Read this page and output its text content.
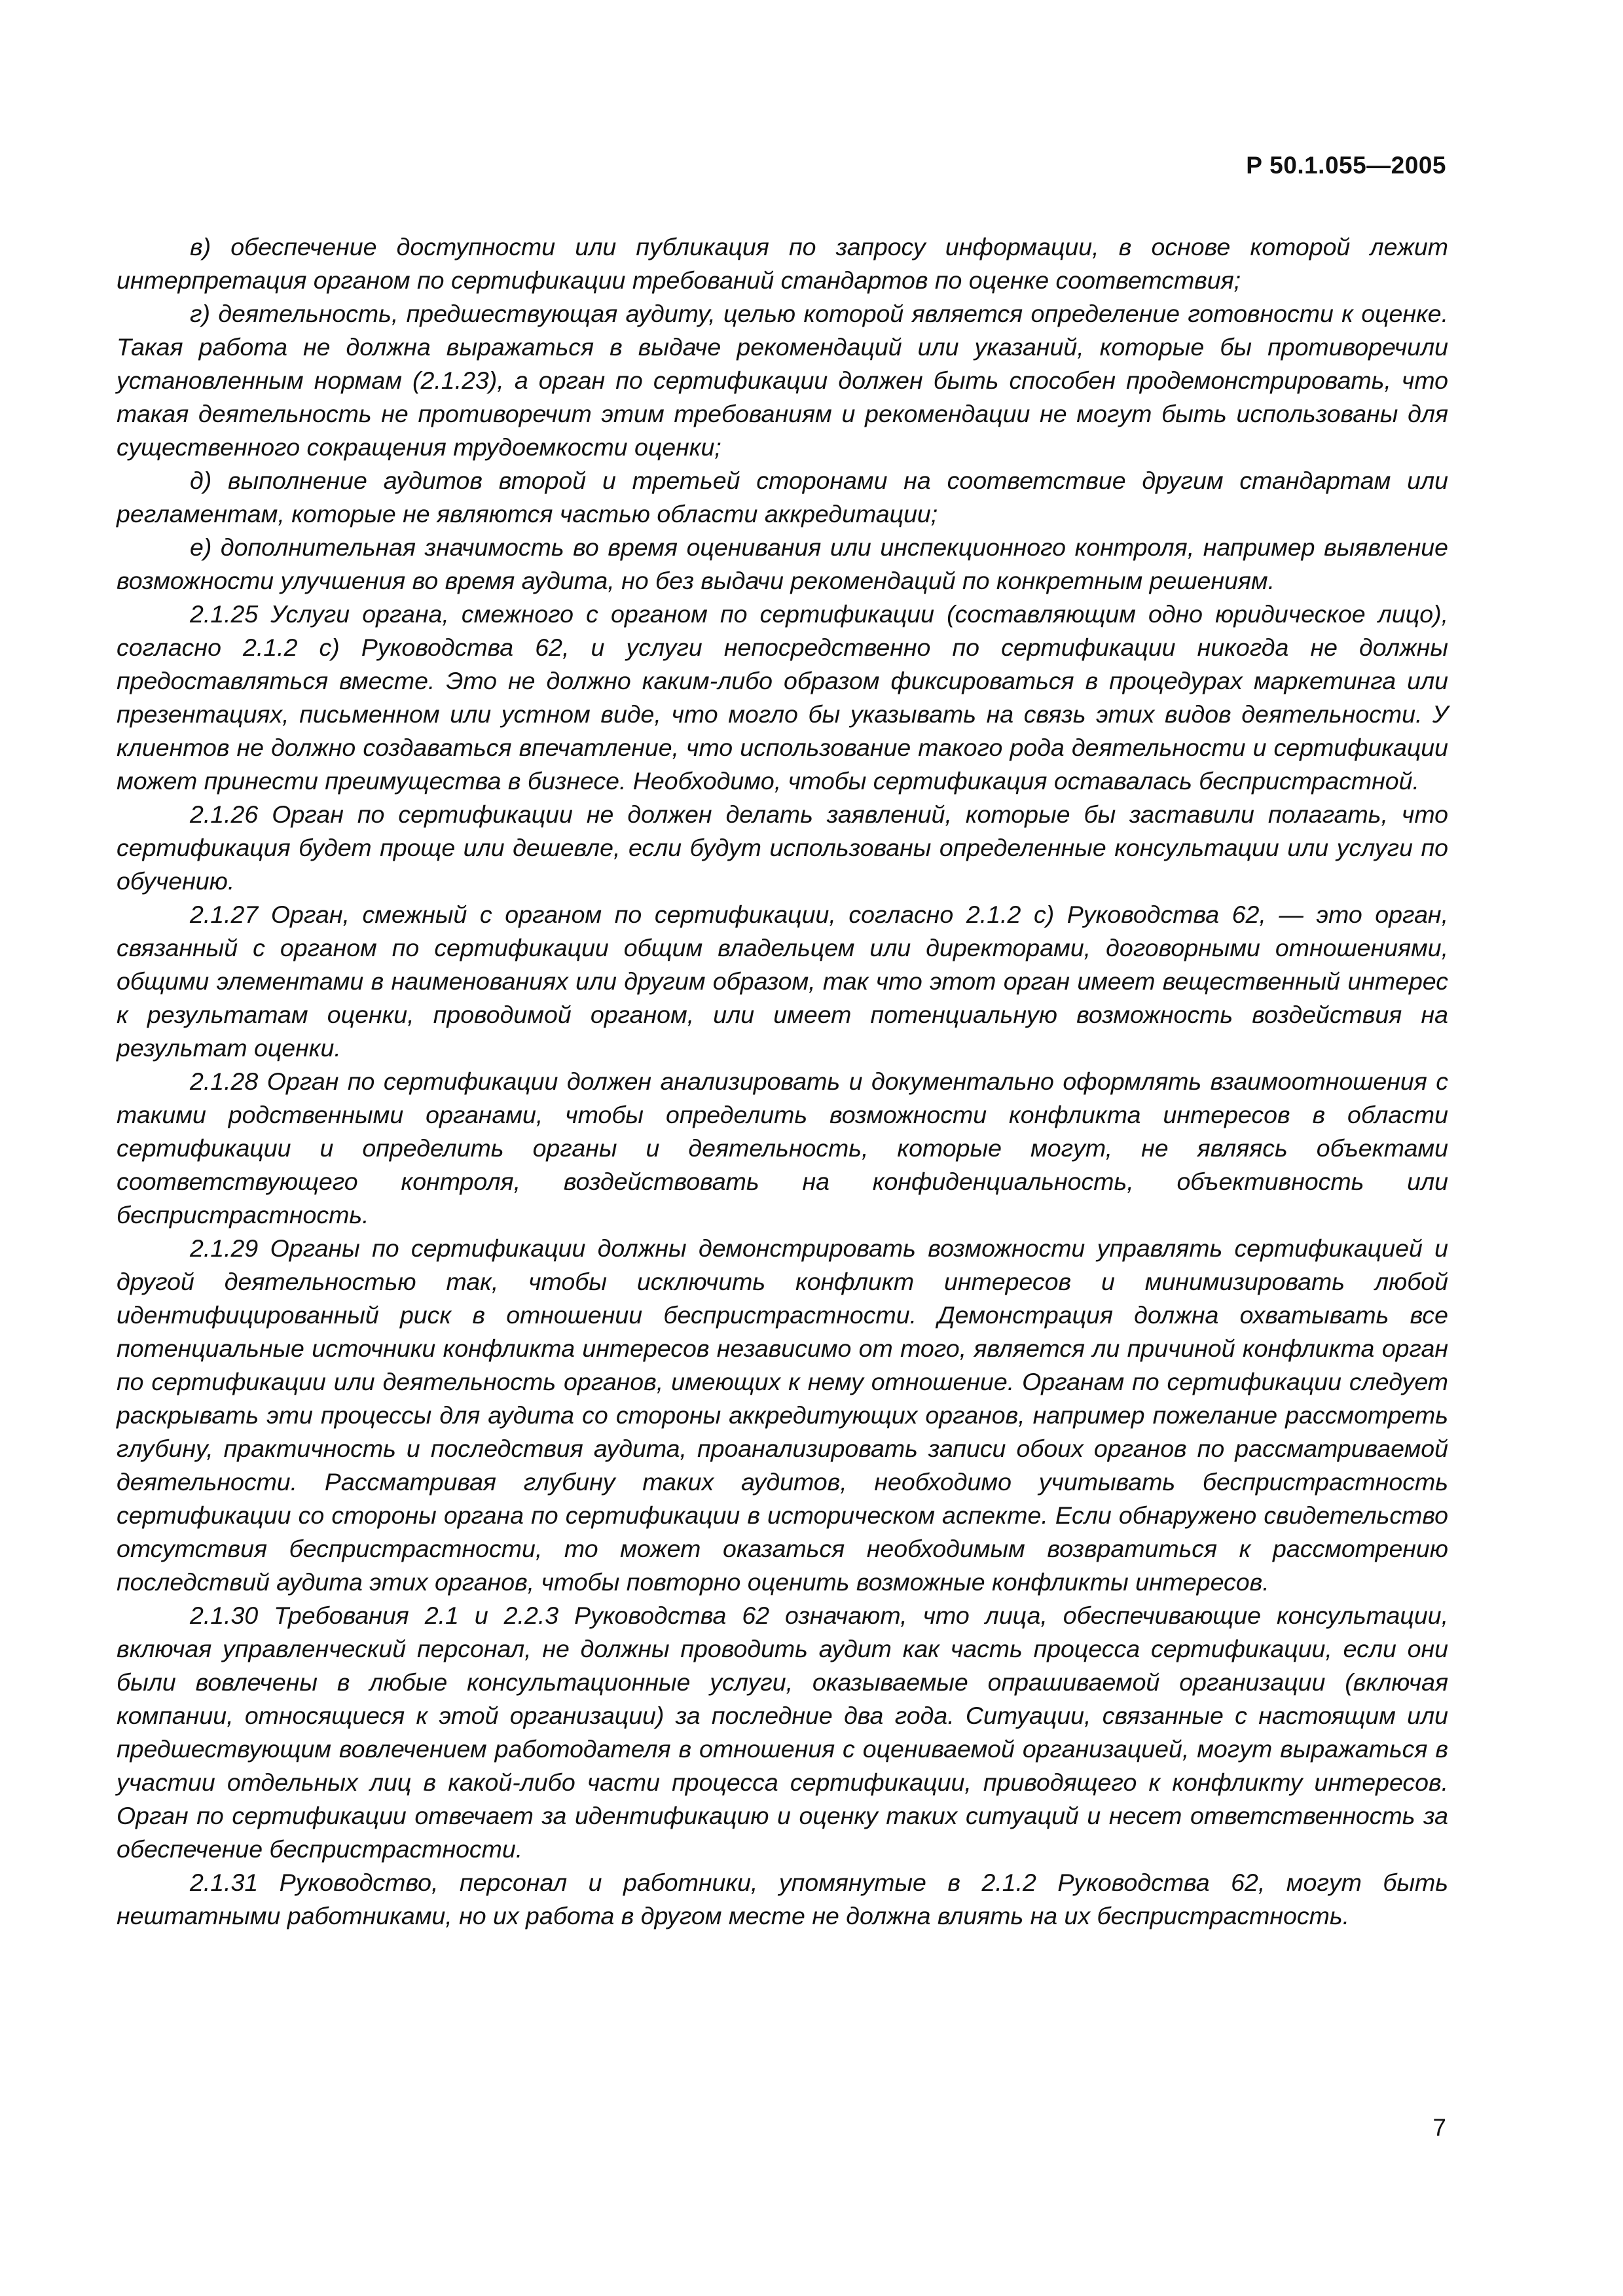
Р 50.1.055—2005

в) обеспечение доступности или публикация по запросу информации, в основе которой лежит интерпретация органом по сертификации требований стандартов по оценке соответствия;

г) деятельность, предшествующая аудиту, целью которой является определение готовности к оценке. Такая работа не должна выражаться в выдаче рекомендаций или указаний, которые бы противоречили установленным нормам (2.1.23), а орган по сертификации должен быть способен продемонстрировать, что такая деятельность не противоречит этим требованиям и рекомендации не могут быть использованы для существенного сокращения трудоемкости оценки;

д) выполнение аудитов второй и третьей сторонами на соответствие другим стандартам или регламентам, которые не являются частью области аккредитации;

е) дополнительная значимость во время оценивания или инспекционного контроля, например выявление возможности улучшения во время аудита, но без выдачи рекомендаций по конкретным решениям.

2.1.25 Услуги органа, смежного с органом по сертификации (составляющим одно юридическое лицо), согласно 2.1.2 с) Руководства 62, и услуги непосредственно по сертификации никогда не должны предоставляться вместе. Это не должно каким-либо образом фиксироваться в процедурах маркетинга или презентациях, письменном или устном виде, что могло бы указывать на связь этих видов деятельности. У клиентов не должно создаваться впечатление, что использование такого рода деятельности и сертификации может принести преимущества в бизнесе. Необходимо, чтобы сертификация оставалась беспристрастной.

2.1.26 Орган по сертификации не должен делать заявлений, которые бы заставили полагать, что сертификация будет проще или дешевле, если будут использованы определенные консультации или услуги по обучению.

2.1.27 Орган, смежный с органом по сертификации, согласно 2.1.2 с) Руководства 62, — это орган, связанный с органом по сертификации общим владельцем или директорами, договорными отношениями, общими элементами в наименованиях или другим образом, так что этот орган имеет вещественный интерес к результатам оценки, проводимой органом, или имеет потенциальную возможность воздействия на результат оценки.

2.1.28 Орган по сертификации должен анализировать и документально оформлять взаимоотношения с такими родственными органами, чтобы определить возможности конфликта интересов в области сертификации и определить органы и деятельность, которые могут, не являясь объектами соответствующего контроля, воздействовать на конфиденциальность, объективность или беспристрастность.

2.1.29 Органы по сертификации должны демонстрировать возможности управлять сертификацией и другой деятельностью так, чтобы исключить конфликт интересов и минимизировать любой идентифицированный риск в отношении беспристрастности. Демонстрация должна охватывать все потенциальные источники конфликта интересов независимо от того, является ли причиной конфликта орган по сертификации или деятельность органов, имеющих к нему отношение. Органам по сертификации следует раскрывать эти процессы для аудита со стороны аккредитующих органов, например пожелание рассмотреть глубину, практичность и последствия аудита, проанализировать записи обоих органов по рассматриваемой деятельности. Рассматривая глубину таких аудитов, необходимо учитывать беспристрастность сертификации со стороны органа по сертификации в историческом аспекте. Если обнаружено свидетельство отсутствия беспристрастности, то может оказаться необходимым возвратиться к рассмотрению последствий аудита этих органов, чтобы повторно оценить возможные конфликты интересов.

2.1.30 Требования 2.1 и 2.2.3 Руководства 62 означают, что лица, обеспечивающие консультации, включая управленческий персонал, не должны проводить аудит как часть процесса сертификации, если они были вовлечены в любые консультационные услуги, оказываемые опрашиваемой организации (включая компании, относящиеся к этой организации) за последние два года. Ситуации, связанные с настоящим или предшествующим вовлечением работодателя в отношения с оцениваемой организацией, могут выражаться в участии отдельных лиц в какой-либо части процесса сертификации, приводящего к конфликту интересов. Орган по сертификации отвечает за идентификацию и оценку таких ситуаций и несет ответственность за обеспечение беспристрастности.

2.1.31 Руководство, персонал и работники, упомянутые в 2.1.2 Руководства 62, могут быть нештатными работниками, но их работа в другом месте не должна влиять на их беспристрастность.

7
